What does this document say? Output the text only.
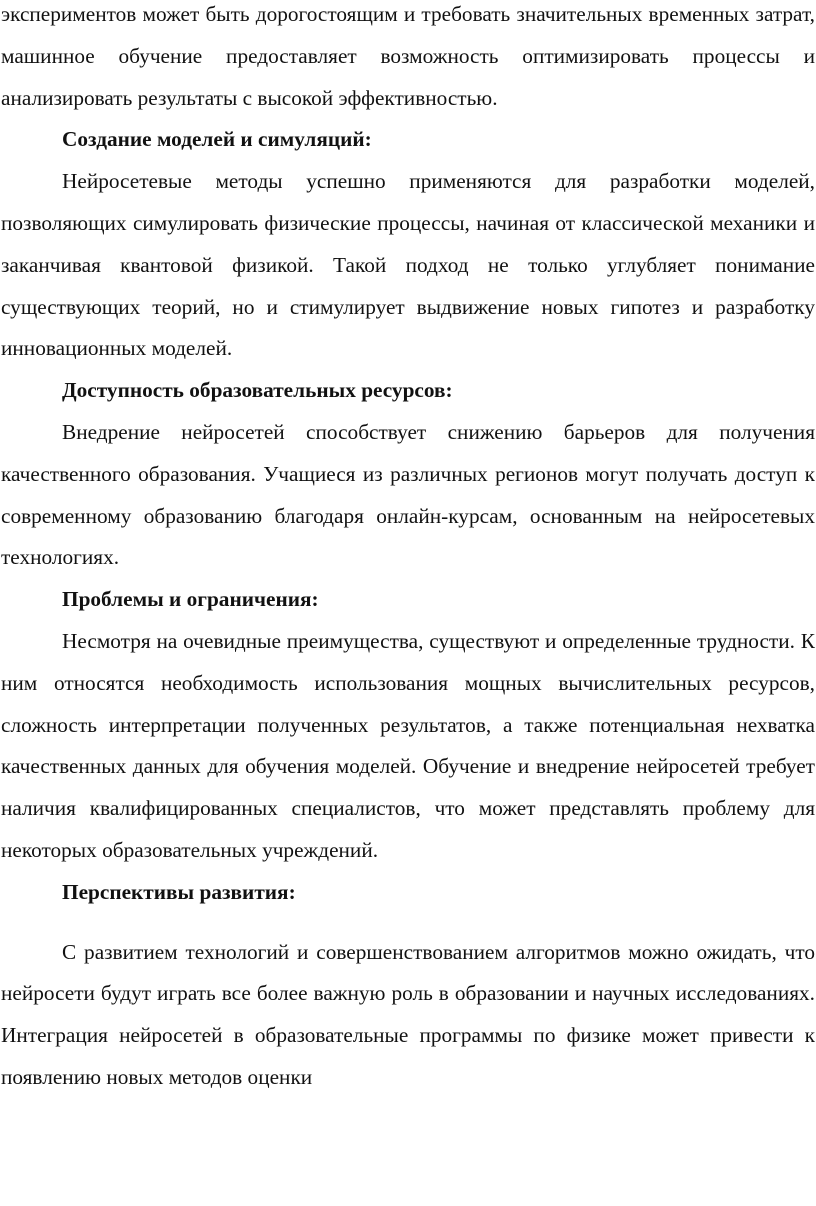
экспериментов может быть дорогостоящим и требовать значительных временных затрат, машинное обучение предоставляет возможность оптимизировать процессы и анализировать результаты с высокой эффективностью.

Создание моделей и симуляций:

Нейросетевые методы успешно применяются для разработки моделей, позволяющих симулировать физические процессы, начиная от классической механики и заканчивая квантовой физикой. Такой подход не только углубляет понимание существующих теорий, но и стимулирует выдвижение новых гипотез и разработку инновационных моделей.

Доступность образовательных ресурсов:

Внедрение нейросетей способствует снижению барьеров для получения качественного образования. Учащиеся из различных регионов могут получать доступ к современному образованию благодаря онлайн-курсам, основанным на нейросетевых технологиях.

Проблемы и ограничения:

Несмотря на очевидные преимущества, существуют и определенные трудности. К ним относятся необходимость использования мощных вычислительных ресурсов, сложность интерпретации полученных результатов, а также потенциальная нехватка качественных данных для обучения моделей. Обучение и внедрение нейросетей требует наличия квалифицированных специалистов, что может представлять проблему для некоторых образовательных учреждений.

Перспективы развития:

С развитием технологий и совершенствованием алгоритмов можно ожидать, что нейросети будут играть все более важную роль в образовании и научных исследованиях. Интеграция нейросетей в образовательные программы по физике может привести к появлению новых методов оценки
